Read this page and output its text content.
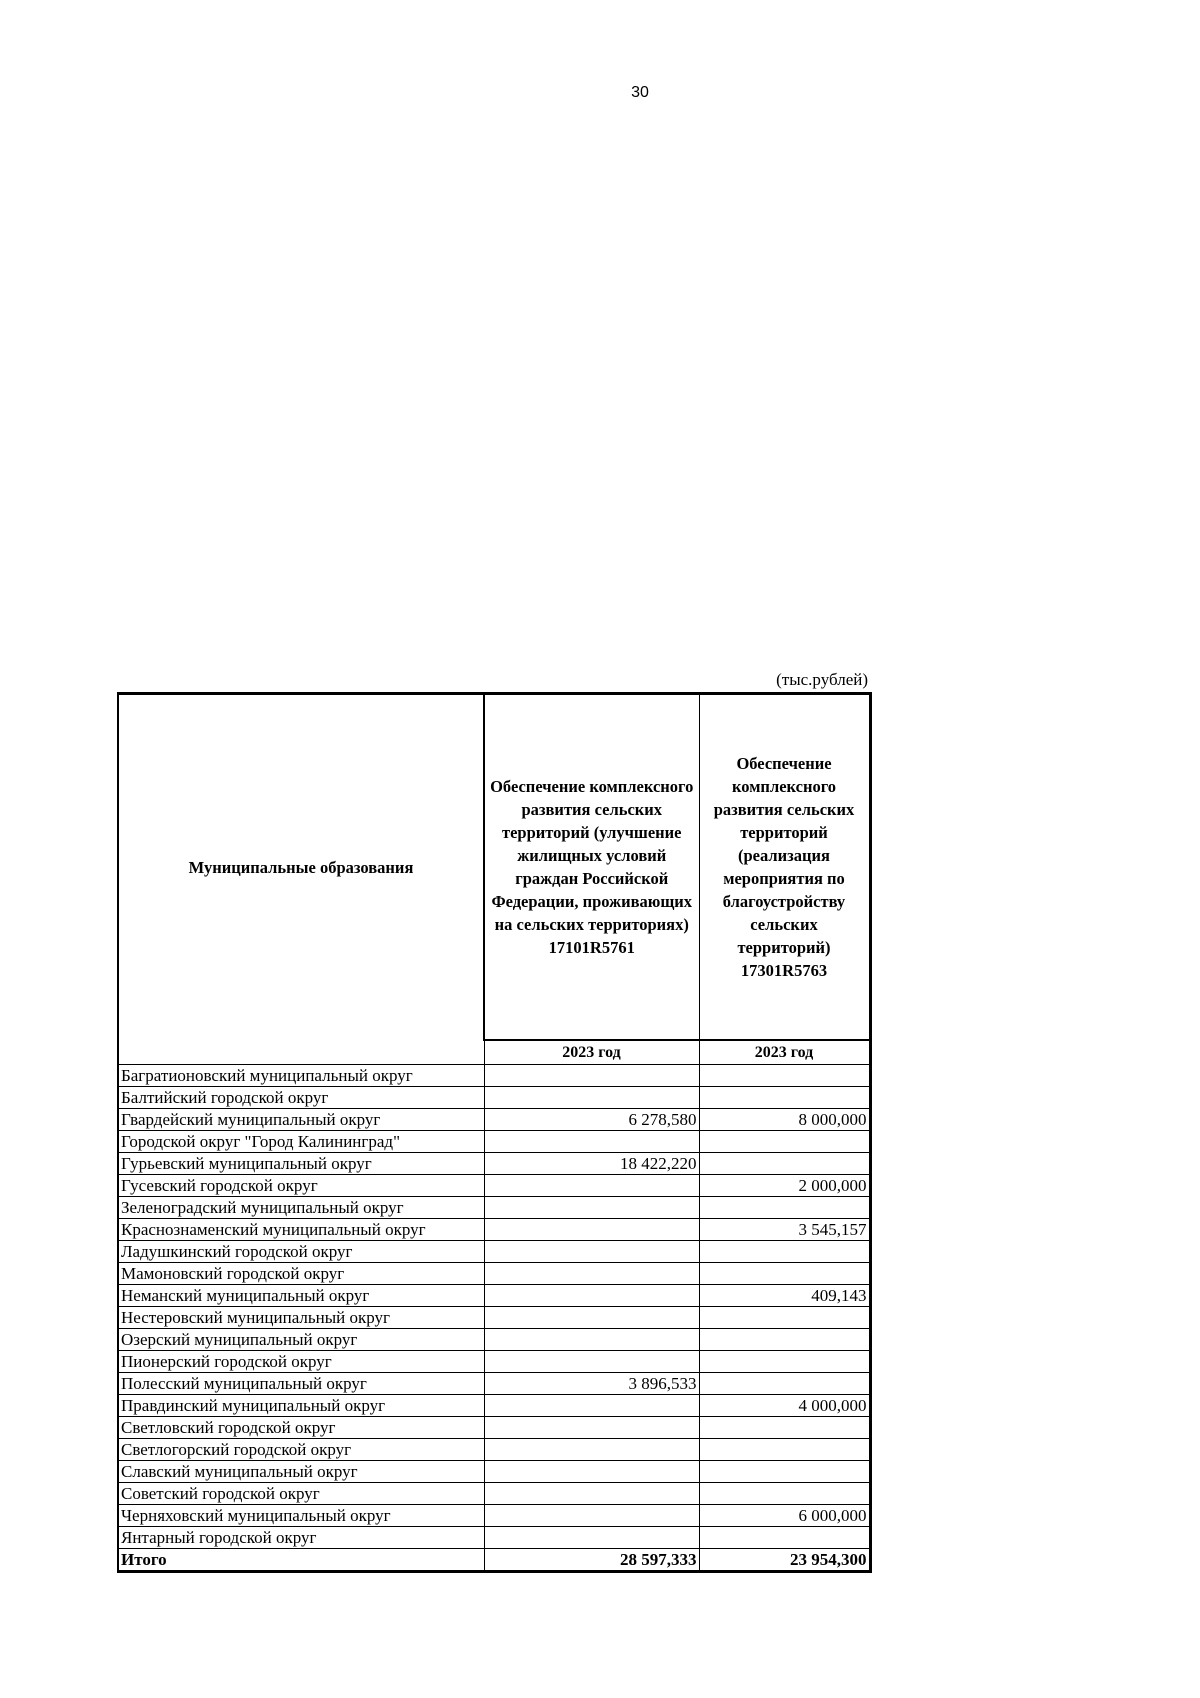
30
(тыс.рублей)
Муниципальные образования	Обеспечение комплексного развития сельских территорий (улучшение жилищных условий граждан Российской Федерации, проживающих на сельских территориях) 17101R5761	Обеспечение комплексного развития сельских территорий (реализация мероприятия по благоустройству сельских территорий) 17301R5763
	2023 год	2023 год
Багратионовский муниципальный округ		
Балтийский городской округ		
Гвардейский муниципальный округ	6 278,580	8 000,000
Городской округ "Город Калининград"		
Гурьевский муниципальный округ	18 422,220	
Гусевский городской округ		2 000,000
Зеленоградский муниципальный округ		
Краснознаменский муниципальный округ		3 545,157
Ладушкинский городской округ		
Мамоновский городской округ		
Неманский муниципальный округ		409,143
Нестеровский муниципальный округ		
Озерский муниципальный округ		
Пионерский городской округ		
Полесский муниципальный округ	3 896,533	
Правдинский муниципальный округ		4 000,000
Светловский городской округ		
Светлогорский городской округ		
Славский муниципальный округ		
Советский городской округ		
Черняховский муниципальный округ		6 000,000
Янтарный городской округ		
Итого	28 597,333	23 954,300
